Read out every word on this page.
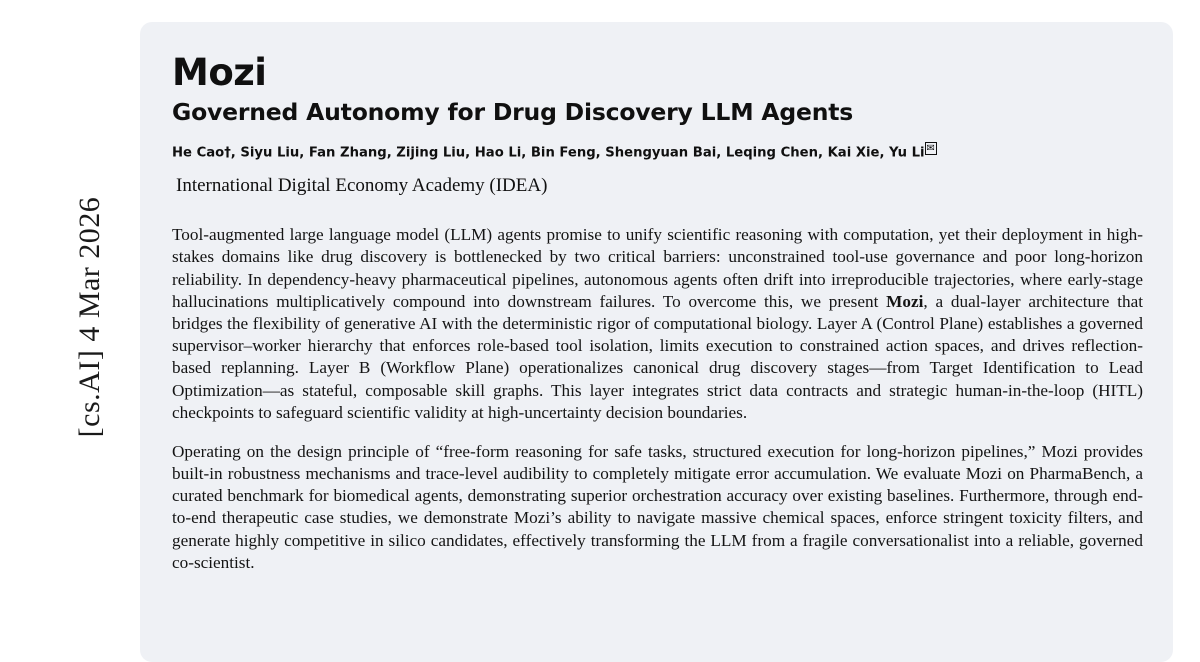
[cs.AI] 4 Mar 2026
Mozi
Governed Autonomy for Drug Discovery LLM Agents
He Cao†, Siyu Liu, Fan Zhang, Zijing Liu, Hao Li, Bin Feng, Shengyuan Bai, Leqing Chen, Kai Xie, Yu Li ✉
International Digital Economy Academy (IDEA)

Tool-augmented large language model (LLM) agents promise to unify scientific reasoning with computation, yet their deployment in high-stakes domains like drug discovery is bottlenecked by two critical barriers: unconstrained tool-use governance and poor long-horizon reliability. In dependency-heavy pharmaceutical pipelines, autonomous agents often drift into irreproducible trajectories, where early-stage hallucinations multiplicatively compound into downstream failures. To overcome this, we present Mozi, a dual-layer architecture that bridges the flexibility of generative AI with the deterministic rigor of computational biology. Layer A (Control Plane) establishes a governed supervisor–worker hierarchy that enforces role-based tool isolation, limits execution to constrained action spaces, and drives reflection-based replanning. Layer B (Workflow Plane) operationalizes canonical drug discovery stages—from Target Identification to Lead Optimization—as stateful, composable skill graphs. This layer integrates strict data contracts and strategic human-in-the-loop (HITL) checkpoints to safeguard scientific validity at high-uncertainty decision boundaries.

Operating on the design principle of “free-form reasoning for safe tasks, structured execution for long-horizon pipelines,” Mozi provides built-in robustness mechanisms and trace-level audibility to completely mitigate error accumulation. We evaluate Mozi on PharmaBench, a curated benchmark for biomedical agents, demonstrating superior orchestration accuracy over existing baselines. Furthermore, through end-to-end therapeutic case studies, we demonstrate Mozi’s ability to navigate massive chemical spaces, enforce stringent toxicity filters, and generate highly competitive in silico candidates, effectively transforming the LLM from a fragile conversationalist into a reliable, governed co-scientist.
